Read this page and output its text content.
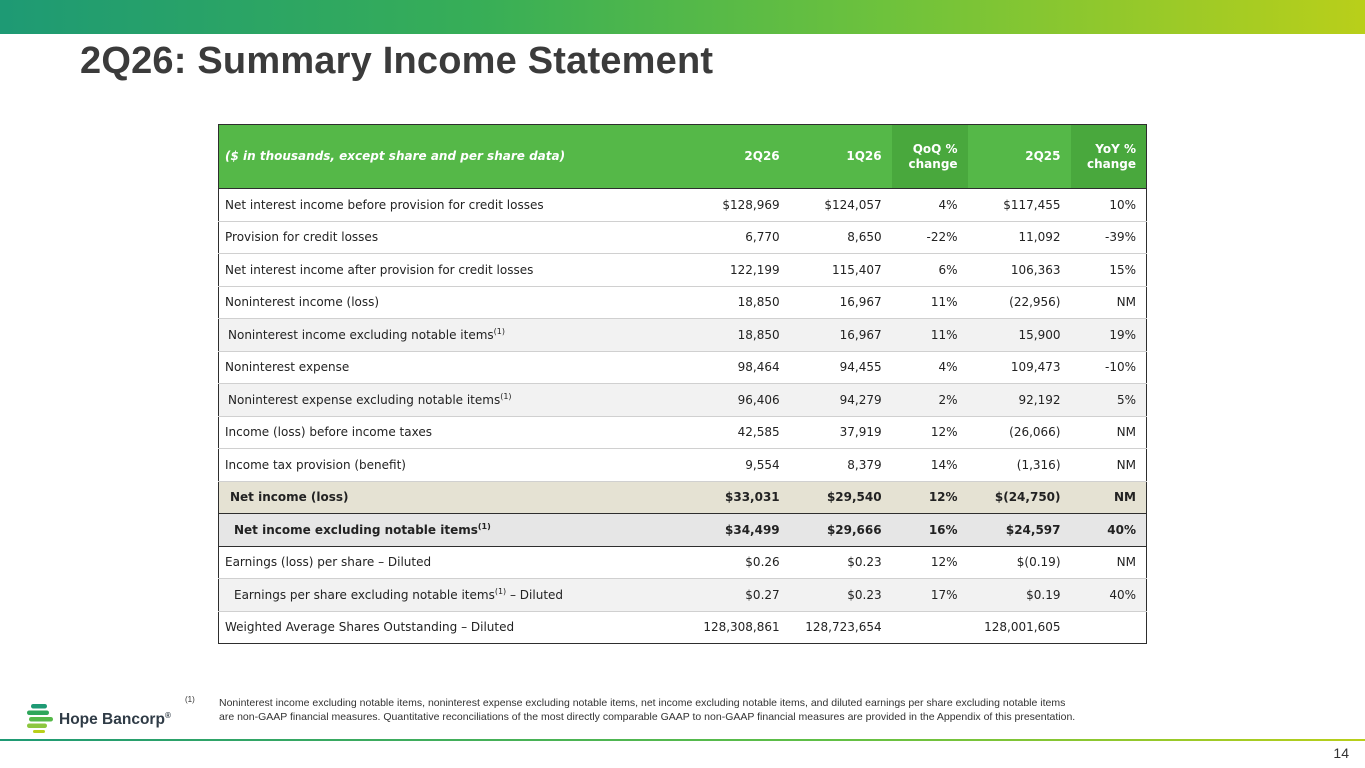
2Q26: Summary Income Statement
($ in thousands, except share and per share data)	2Q26	1Q26	QoQ % change	2Q25	YoY % change
Net interest income before provision for credit losses	$128,969	$124,057	4%	$117,455	10%
Provision for credit losses	6,770	8,650	-22%	11,092	-39%
Net interest income after provision for credit losses	122,199	115,407	6%	106,363	15%
Noninterest income (loss)	18,850	16,967	11%	(22,956)	NM
Noninterest income excluding notable items$^{(1)}$	18,850	16,967	11%	15,900	19%
Noninterest expense	98,464	94,455	4%	109,473	-10%
Noninterest expense excluding notable items$^{(1)}$	96,406	94,279	2%	92,192	5%
Income (loss) before income taxes	42,585	37,919	12%	(26,066)	NM
Income tax provision (benefit)	9,554	8,379	14%	(1,316)	NM
Net income (loss)	$33,031	$29,540	12%	$(24,750)	NM
Net income excluding notable items$^{(1)}$	$34,499	$29,666	16%	$24,597	40%
Earnings (loss) per share – Diluted	$0.26	$0.23	12%	$(0.19)	NM
Earnings per share excluding notable items$^{(1)}$ – Diluted	$0.27	$0.23	17%	$0.19	40%
Weighted Average Shares Outstanding – Diluted	128,308,861	128,723,654		128,001,605	
(1) Noninterest income excluding notable items, noninterest expense excluding notable items, net income excluding notable items, and diluted earnings per share excluding notable items
are non-GAAP financial measures. Quantitative reconciliations of the most directly comparable GAAP to non-GAAP financial measures are provided in the Appendix of this presentation.
Hope Bancorp®
14
